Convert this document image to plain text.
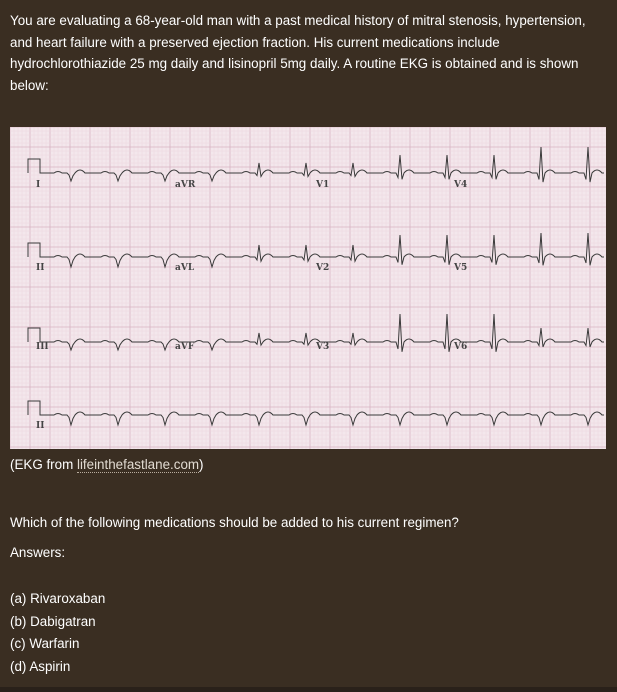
You are evaluating a 68-year-old man with a past medical history of mitral stenosis, hypertension, and heart failure with a preserved ejection fraction. His current medications include hydrochlorothiazide 25 mg daily and lisinopril 5mg daily. A routine EKG is obtained and is shown below:

I	aVR	V1	V4
II	aVL	V2	V5
III	aVF	V3	V6
II

(EKG from lifeinthefastlane.com)

Which of the following medications should be added to his current regimen?

Answers:

(a) Rivaroxaban
(b) Dabigatran
(c) Warfarin
(d) Aspirin
